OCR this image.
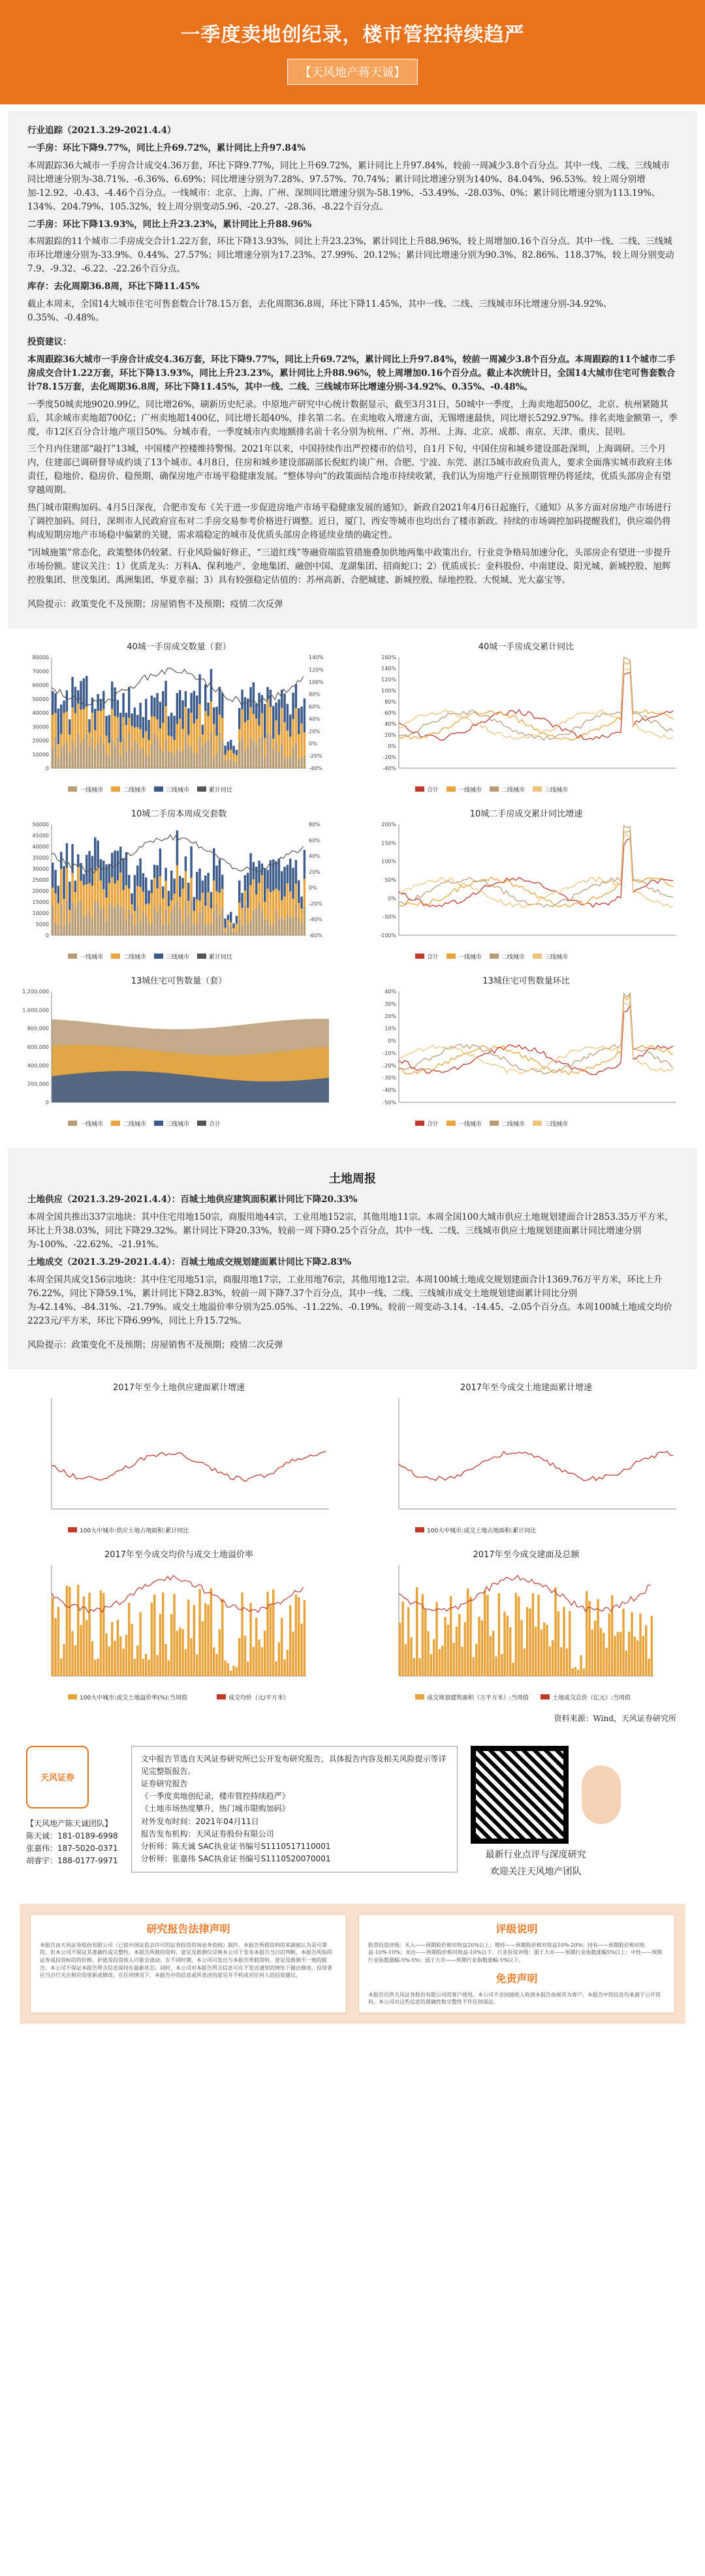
一季度卖地创纪录，楼市管控持续趋严
【天风地产蒋天诚】

行业追踪（2021.3.29-2021.4.4）

一手房：环比下降9.77%，同比上升69.72%，累计同比上升97.84%

本周跟踪36大城市一手房合计成交4.36万套，环比下降9.77%，同比上升69.72%，累计同比上升97.84%，较前一周减少3.8个百分点。其中一线、二线、三线城市同比增速分别为-38.71%、-6.36%、6.69%；同比增速分别为7.28%、97.57%、70.74%；累计同比增速分别为140%、84.04%、96.53%。较上周分别增加-12.92、-0.43、-4.46个百分点。一线城市：北京、上海、广州、深圳同比增速分别为-58.19%、-53.49%、-28.03%、0%；累计同比增速分别为113.19%、134%、204.79%、105.32%，较上周分别变动5.96、-20.27、-28.36、-8.22个百分点。

二手房：环比下降13.93%，同比上升23.23%，累计同比上升88.96%

本周跟踪的11个城市二手房成交合计1.22万套，环比下降13.93%，同比上升23.23%，累计同比上升88.96%，较上周增加0.16个百分点。其中一线、二线、三线城市环比增速分别为-33.9%、0.44%、27.57%；同比增速分别为17.23%、27.99%、20.12%；累计同比增速分别为90.3%、82.86%、118.37%，较上周分别变动7.9、-9.32、-6.22、-22.26个百分点。

库存：去化周期36.8周，环比下降11.45%

截止本周末，全国14大城市住宅可售套数合计78.15万套，去化周期36.8周，环比下降11.45%，其中一线、二线、三线城市环比增速分别-34.92%、0.35%、-0.48%。

投资建议：

本周跟踪36大城市一手房合计成交4.36万套，环比下降9.77%，同比上升69.72%，累计同比上升97.84%，较前一周减少3.8个百分点。本周跟踪的11个城市二手房成交合计1.22万套，环比下降13.93%，同比上升23.23%，累计同比上升88.96%，较上周增加0.16个百分点。截止本次统计日，全国14大城市住宅可售套数合计78.15万套，去化周期36.8周，环比下降11.45%，其中一线、二线、三线城市环比增速分别-34.92%、0.35%、-0.48%。

一季度50城卖地9020.99亿，同比增26%，刷新历史纪录。中原地产研究中心统计数据显示，截至3月31日，50城中一季度，上海卖地超500亿，北京、杭州紧随其后，其余城市卖地超700亿；广州卖地超1400亿，同比增长超40%，排名第二名。在卖地收入增速方面，无锡增速最快，同比增长5292.97%。排名卖地金额第一，季度，市12区百分合计地产项目50%。分城市看，一季度城市内卖地额排名前十名分别为杭州、广州、苏州、上海、北京、成都、南京、天津、重庆、昆明。

三个月内住建部“敲打”13城，中国楼产控楼维持警惕。2021年以来，中国持续作出严控楼市的信号，自1月下旬，中国住房和城乡建设部赴深圳，上海调研。三个月内，住建部已调研督导成约谈了13个城市。4月8日，住房和城乡建设部副部长倪虹约谈广州、合肥、宁波、东莞、湛江5城市政府负责人，要求全面落实城市政府主体责任，稳地价、稳房价、稳预期，确保房地产市场平稳健康发展。“整体导向”的政策面结合地市持续收紧，我们认为房地产行业预期管理仍将延续，优质头部房企有望穿越周期。

热门城市限购加码。4月5日深夜，合肥市发布《关于进一步促进房地产市场平稳健康发展的通知》，新政自2021年4月6日起施行，《通知》从多方面对房地产市场进行了调控加码。同日，深圳市人民政府宣布对二手房交易参考价格进行调整。近日，厦门、西安等城市也均出台了楼市新政。持续的市场调控加码提醒我们，供应端仍将构成短期房地产市场稳中偏紧的关键，需求端稳定的城市及优质头部房企将延续业绩的确定性。

“因城施策”常态化，政策整体仍较紧。行业风险偏好修正，“三道红线”等融资端监管措施叠加供地两集中政策出台，行业竞争格局加速分化，头部房企有望进一步提升市场份额。建议关注：1）优质龙头：万科A、保利地产、金地集团、融创中国、龙湖集团、招商蛇口；2）优质成长：金科股份、中南建设、阳光城、新城控股、旭辉控股集团、世茂集团、禹洲集团、华夏幸福；3）具有较强稳定估值的：苏州高新、合肥城建、新城控股、绿地控股、大悦城、光大嘉宝等。

风险提示：政策变化不及预期；房屋销售不及预期；疫情二次反弹

40城一手房成交数量（套）
80000
70000
60000
50000
40000
30000
20000
10000
0
140%
120%
100%
80%
60%
40%
20%
0%
-20%
-40%
一线城市	二线城市	三线城市	累计同比
40城一手房成交累计同比
160%
140%
120%
100%
80%
60%
40%
20%
0%
-20%
-40%
合计	一线城市	二线城市	三线城市
10城二手房本周成交套数
50000
45000
40000
35000
30000
25000
20000
15000
10000
5000
0
80%
60%
40%
20%
0%
-20%
-40%
-60%
一线城市	二线城市	三线城市	累计同比
10城二手房成交累计同比增速
200%
150%
100%
50%
0%
-50%
-100%
合计	一线城市	二线城市	三线城市
13城住宅可售数量（套）
1,200,000
1,000,000
800,000
600,000
400,000
200,000
0
一线城市	二线城市	三线城市	合计
13城住宅可售数量环比
40%
30%
20%
10%
0%
-10%
-20%
-30%
-40%
-50%
合计	一线城市	二线城市	三线城市
土地周报

土地供应（2021.3.29-2021.4.4）：百城土地供应建筑面积累计同比下降20.33%

本周全国共推出337宗地块：其中住宅用地150宗，商服用地44宗，工业用地152宗，其他用地11宗。本周全国100大城市供应土地规划建面合计2853.35万平方米，环比上升38.03%，同比下降29.32%。累计同比下降20.33%，较前一周下降0.25个百分点，其中一线、二线、三线城市供应土地规划建面累计同比增速分别为-100%、-22.62%、-21.91%。

土地成交（2021.3.29-2021.4.4）：百城土地成交规划建面累计同比下降2.83%

本周全国共成交156宗地块：其中住宅用地51宗，商服用地17宗，工业用地76宗，其他用地12宗。本周100城土地成交规划建面合计1369.76万平方米，环比上升76.22%，同比下降59.1%，累计同比下降2.83%，较前一周下降7.37个百分点，其中一线、二线、三线城市成交土地规划建面累计同比分别为-42.14%、-84.31%、-21.79%。成交土地溢价率分别为25.05%、-11.22%、-0.19%。较前一周变动-3.14、-14.45、-2.05个百分点。本周100城土地成交均价2223元/平方米，环比下降6.99%，同比上升15.72%。

风险提示：政策变化不及预期；房屋销售不及预期；疫情二次反弹

2017年至今土地供应建面累计增速
100大中城市:供应土地占地面积:累计同比
2017年至今成交土地建面累计增速
100大中城市:成交土地占地面积:累计同比
2017年至今成交均价与成交土地溢价率
100大中城市:成交土地溢价率(%):当周值	成交均价（元/平方米）
2017年至今成交建面及总额
成交规划建筑面积（万平方米）:当周值	土地成交总价（亿元）:当周值
资料来源：Wind，天风证券研究所
天风证券
【天风地产陈天诚团队】
陈天诚：181-0189-6998
张嘉伟：187-5020-0371
胡睿宇：188-0177-9971
文中报告节选自天风证券研究所已公开发布研究报告，具体报告内容及相关风险提示等详见完整版报告。
证券研究报告
《一季度卖地创纪录，楼市管控持续趋严》
《土地市场热度攀升，热门城市限购加码》
对外发布时间：2021年04月11日
报告发布机构：天风证券股份有限公司
分析师：陈天诚 SAC执业证书编号S1110517110001
分析师：张嘉伟 SAC执业证书编号S1110520070001	最新行业点评与深度研究
欢迎关注天风地产团队
研究报告法律声明
本报告由天风证券股份有限公司（已获中国证监会许可的证券投资咨询业务资格）制作。本报告所载资料的来源被认为是可靠的，但本公司不保证其准确性或完整性。本报告所载的资料、意见及推测仅反映本公司于发布本报告当日的判断，本报告所指的证券或投资标的的价格、价值及投资收入可能会波动。在不同时期，本公司可发出与本报告所载资料、意见及推测不一致的报告。本公司不保证本报告所含信息保持在最新状态。同时，本公司对本报告所含信息可在不发出通知的情形下做出修改，投资者应当自行关注相应的更新或修改。在任何情况下，本报告中的信息或所表述的意见并不构成对任何人的投资建议。
评级说明
股票投资评级：买入——预期股价相对收益20%以上；增持——预期股价相对收益10%-20%；持有——预期股价相对收益-10%-10%；卖出——预期股价相对收益-10%以下。行业投资评级：强于大市——预期行业指数涨幅5%以上；中性——预期行业指数涨幅-5%-5%；弱于大市——预期行业指数涨幅-5%以下。
免责声明
本报告仅供天风证券股份有限公司的客户使用。本公司不会因接收人收到本报告而视其为客户。本报告中的信息均来源于公开资料，本公司对这些信息的准确性和完整性不作任何保证。
